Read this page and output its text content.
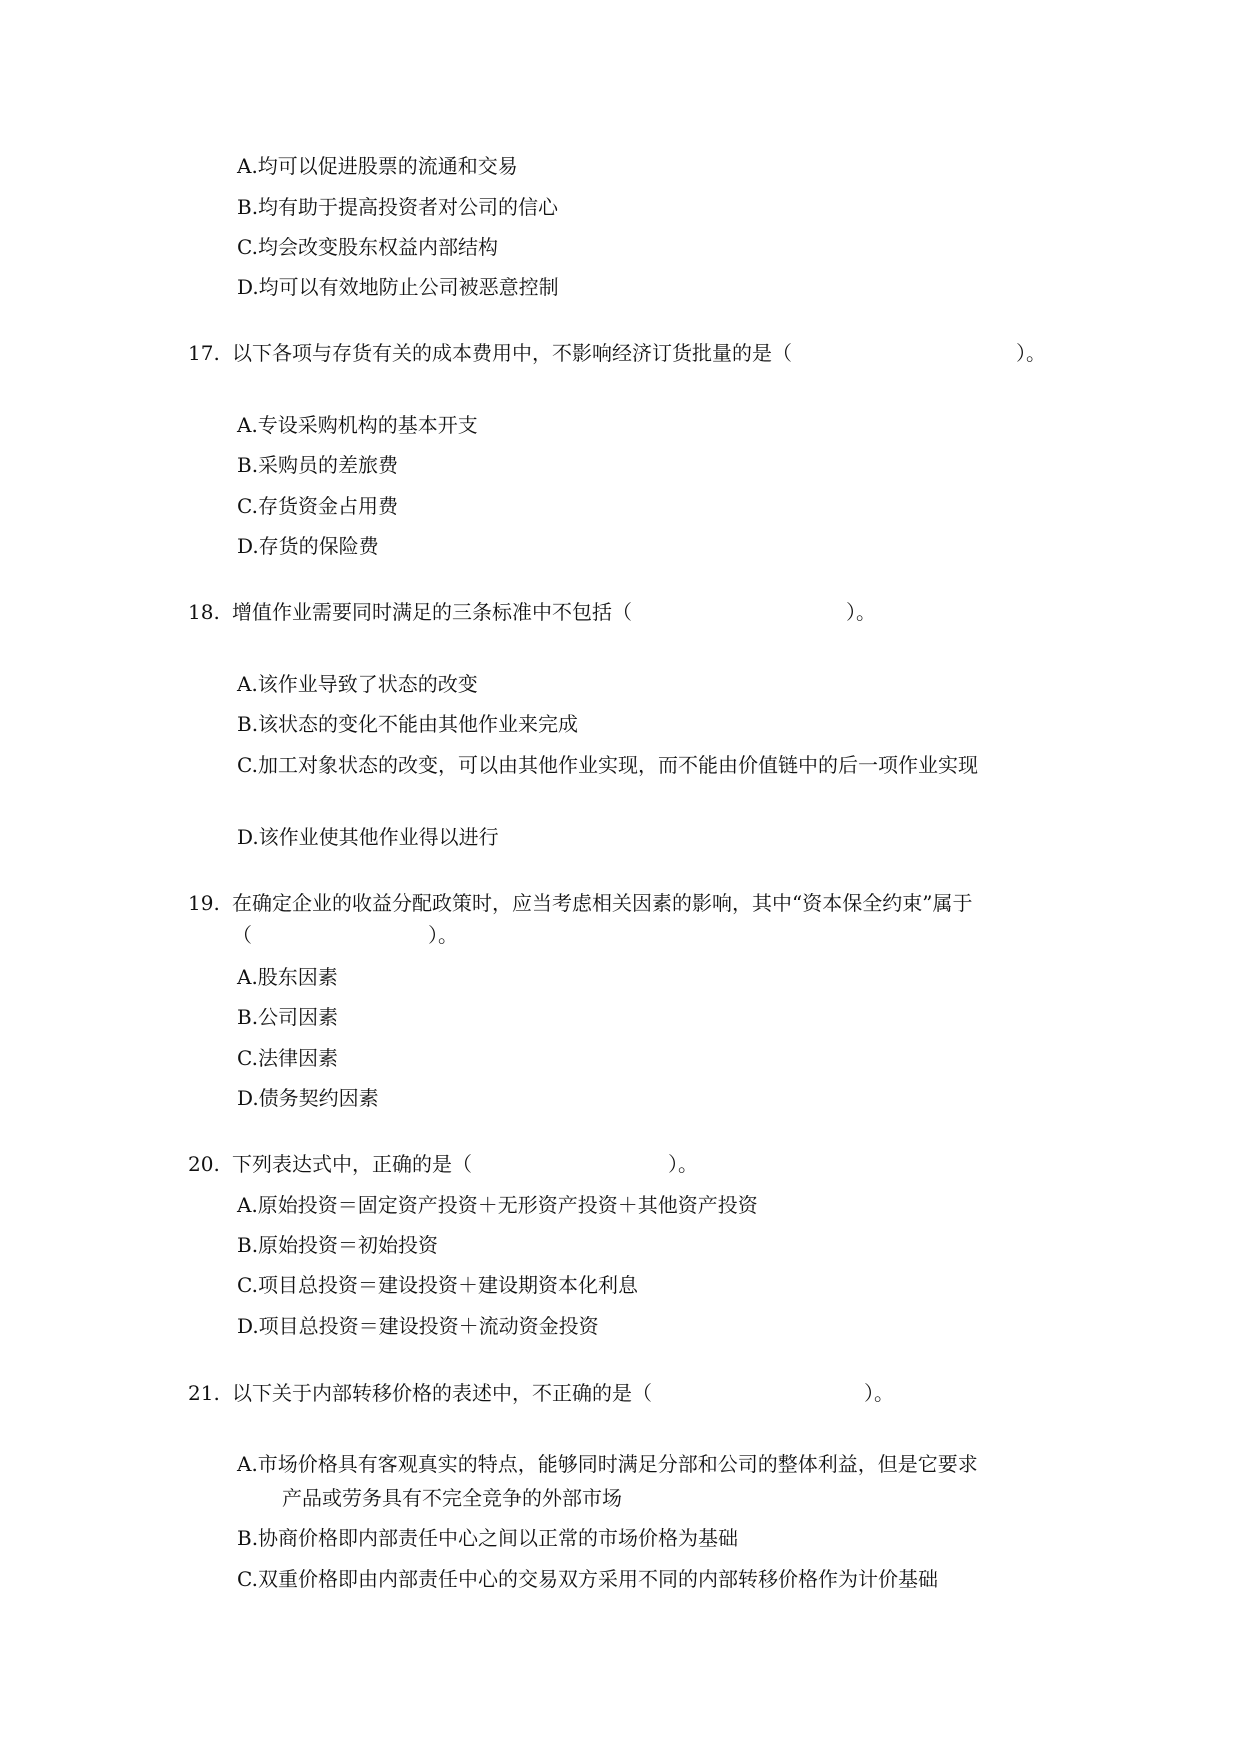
A.均可以促进股票的流通和交易
B.均有助于提高投资者对公司的信心
C.均会改变股东权益内部结构
D.均可以有效地防止公司被恶意控制
17. 以下各项与存货有关的成本费用中，不影响经济订货批量的是（	）。
A.专设采购机构的基本开支
B.采购员的差旅费
C.存货资金占用费
D.存货的保险费
18. 增值作业需要同时满足的三条标准中不包括（	）。
A.该作业导致了状态的改变
B.该状态的变化不能由其他作业来完成
C.加工对象状态的改变，可以由其他作业实现，而不能由价值链中的后一项作业实现
D.该作业使其他作业得以进行
19. 在确定企业的收益分配政策时，应当考虑相关因素的影响，其中“资本保全约束”属于
（	）。
A.股东因素
B.公司因素
C.法律因素
D.债务契约因素
20. 下列表达式中，正确的是（	）。
A.原始投资＝固定资产投资＋无形资产投资＋其他资产投资
B.原始投资＝初始投资
C.项目总投资＝建设投资＋建设期资本化利息
D.项目总投资＝建设投资＋流动资金投资
21. 以下关于内部转移价格的表述中，不正确的是（	）。
A.市场价格具有客观真实的特点，能够同时满足分部和公司的整体利益，但是它要求
产品或劳务具有不完全竞争的外部市场
B.协商价格即内部责任中心之间以正常的市场价格为基础
C.双重价格即由内部责任中心的交易双方采用不同的内部转移价格作为计价基础
